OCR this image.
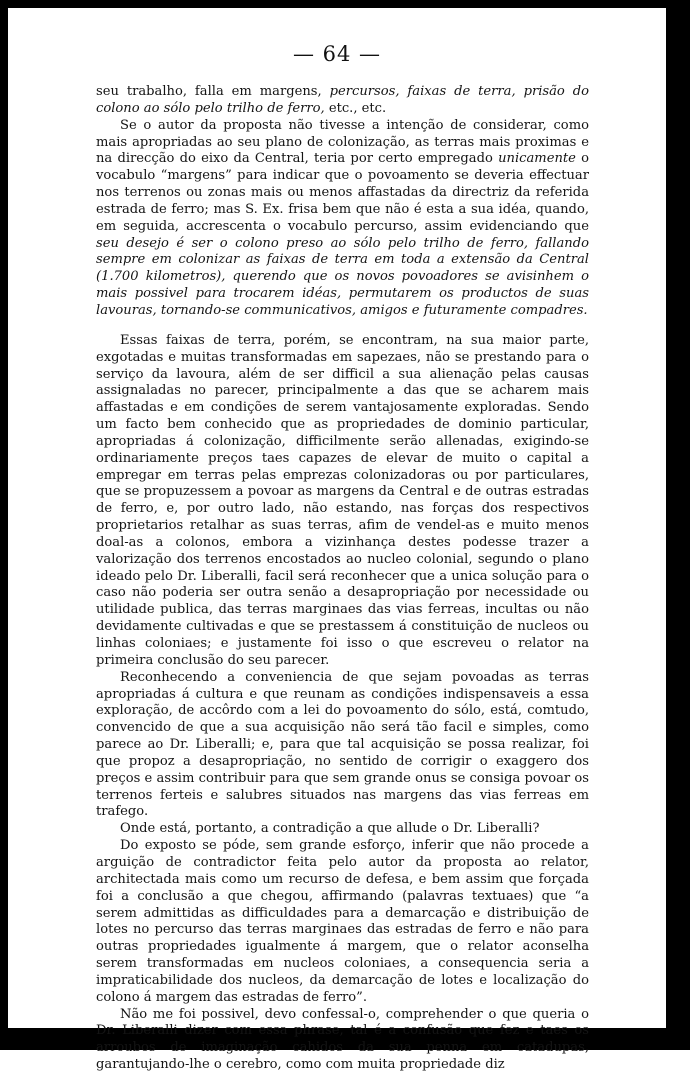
— 64 —

seu trabalho, falla em margens, percursos, faixas de terra, prisão do colono ao sólo pelo trilho de ferro, etc., etc.

Se o autor da proposta não tivesse a intenção de considerar, como mais apropriadas ao seu plano de colonização, as terras mais proximas e na direcção do eixo da Central, teria por certo empregado unicamente o vocabulo “margens” para indicar que o povoamento se deveria effectuar nos terrenos ou zonas mais ou menos affastadas da directriz da referida estrada de ferro; mas S. Ex. frisa bem que não é esta a sua idéa, quando, em seguida, accrescenta o vocabulo percurso, assim evidenciando que seu desejo é ser o colono preso ao sólo pelo trilho de ferro, fallando sempre em colonizar as faixas de terra em toda a extensão da Central (1.700 kilometros), querendo que os novos povoadores se avisinhem o mais possivel para trocarem idéas, permutarem os productos de suas lavouras, tornando-se communicativos, amigos e futuramente compadres.

Essas faixas de terra, porém, se encontram, na sua maior parte, exgotadas e muitas transformadas em sapezaes, não se prestando para o serviço da lavoura, além de ser difficil a sua alienação pelas causas assignaladas no parecer, principalmente a das que se acharem mais affastadas e em condições de serem vantajosamente exploradas. Sendo um facto bem conhecido que as propriedades de dominio particular, apropriadas á colonização, difficilmente serão allenadas, exigindo-se ordinariamente preços taes capazes de elevar de muito o capital a empregar em terras pelas emprezas colonizadoras ou por particulares, que se propuzessem a povoar as margens da Central e de outras estradas de ferro, e, por outro lado, não estando, nas forças dos respectivos proprietarios retalhar as suas terras, afim de vendel-as e muito menos doal-as a colonos, embora a vizinhança destes podesse trazer a valorização dos terrenos encostados ao nucleo colonial, segundo o plano ideado pelo Dr. Liberalli, facil será reconhecer que a unica solução para o caso não poderia ser outra senão a desapropriação por necessidade ou utilidade publica, das terras marginaes das vias ferreas, incultas ou não devidamente cultivadas e que se prestassem á constituição de nucleos ou linhas coloniaes; e justamente foi isso o que escreveu o relator na primeira conclusão do seu parecer.

Reconhecendo a conveniencia de que sejam povoadas as terras apropriadas á cultura e que reunam as condições indispensaveis a essa exploração, de accôrdo com a lei do povoamento do sólo, está, comtudo, convencido de que a sua acquisição não será tão facil e simples, como parece ao Dr. Liberalli; e, para que tal acquisição se possa realizar, foi que propoz a desapropriação, no sentido de corrigir o exaggero dos preços e assim contribuir para que sem grande onus se consiga povoar os terrenos ferteis e salubres situados nas margens das vias ferreas em trafego.

Onde está, portanto, a contradição a que allude o Dr. Liberalli?

Do exposto se póde, sem grande esforço, inferir que não procede a arguição de contradictor feita pelo autor da proposta ao relator, architectada mais como um recurso de defesa, e bem assim que forçada foi a conclusão a que chegou, affirmando (palavras textuaes) que “a serem admittidas as difficuldades para a demarcação e distribuição de lotes no percurso das terras marginaes das estradas de ferro e não para outras propriedades igualmente á margem, que o relator aconselha serem transformadas em nucleos coloniaes, a consequencia seria a impraticabilidade dos nucleos, da demarcação de lotes e localização do colono á margem das estradas de ferro”.

Não me foi possivel, devo confessal-o, comprehender o que queria o Dr. Liberalli dizer com essa phrase, tal é a confusão que fez e taes os arroubos de imaginação cahidos da sua penna em catadupas, garantujando-lhe o cerebro, como com muita propriedade diz
